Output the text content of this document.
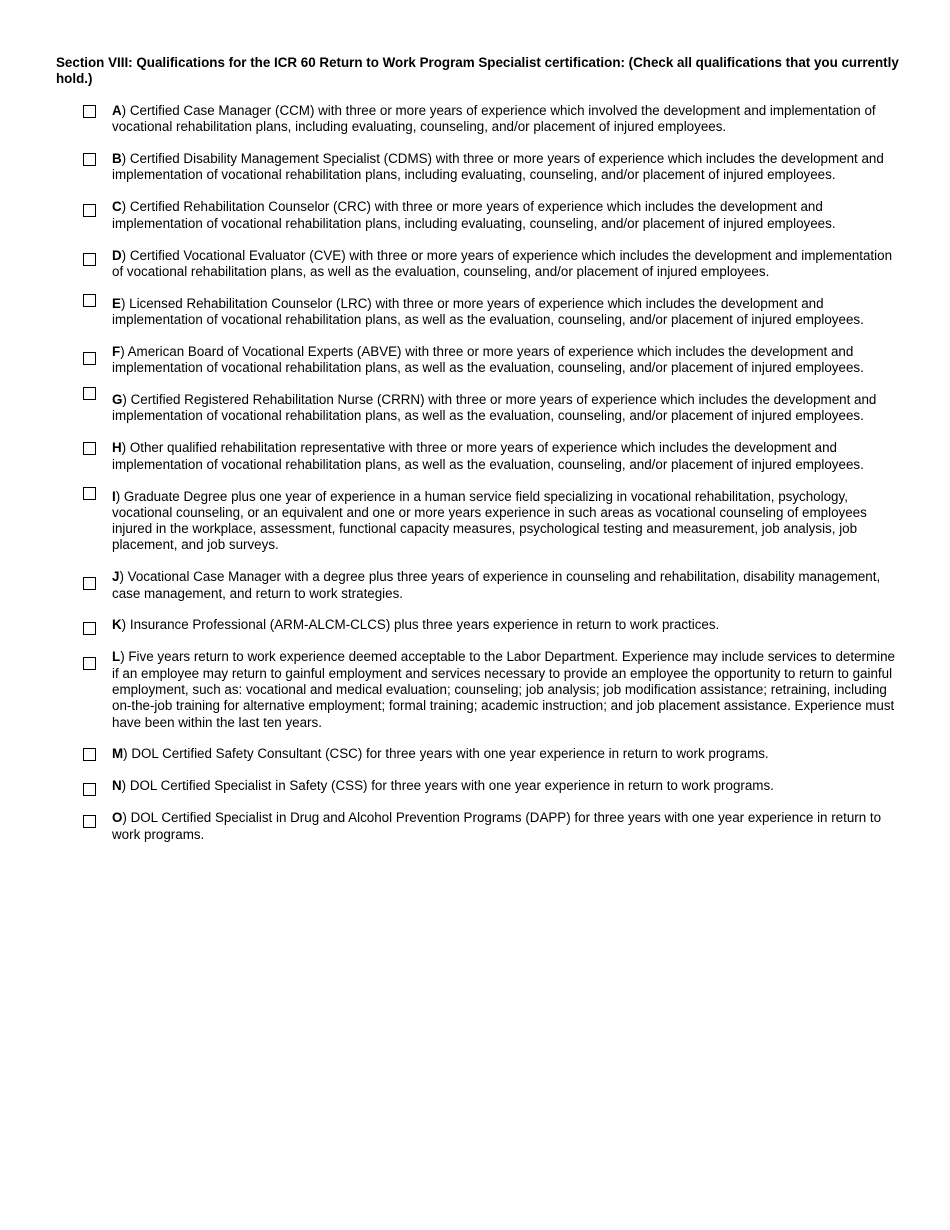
Section VIII: Qualifications for the ICR 60 Return to Work Program Specialist certification: (Check all qualifications that you currently hold.)
A) Certified Case Manager (CCM) with three or more years of experience which involved the development and implementation of vocational rehabilitation plans, including evaluating, counseling, and/or placement of injured employees.
B) Certified Disability Management Specialist (CDMS) with three or more years of experience which includes the development and implementation of vocational rehabilitation plans, including evaluating, counseling, and/or placement of injured employees.
C) Certified Rehabilitation Counselor (CRC) with three or more years of experience which includes the development and implementation of vocational rehabilitation plans, including evaluating, counseling, and/or placement of injured employees.
D) Certified Vocational Evaluator (CVE) with three or more years of experience which includes the development and implementation of vocational rehabilitation plans, as well as the evaluation, counseling, and/or placement of injured employees.
E) Licensed Rehabilitation Counselor (LRC) with three or more years of experience which includes the development and implementation of vocational rehabilitation plans, as well as the evaluation, counseling, and/or placement of injured employees.
F) American Board of Vocational Experts (ABVE) with three or more years of experience which includes the development and implementation of vocational rehabilitation plans, as well as the evaluation, counseling, and/or placement of injured employees.
G) Certified Registered Rehabilitation Nurse (CRRN) with three or more years of experience which includes the development and implementation of vocational rehabilitation plans, as well as the evaluation, counseling, and/or placement of injured employees.
H) Other qualified rehabilitation representative with three or more years of experience which includes the development and implementation of vocational rehabilitation plans, as well as the evaluation, counseling, and/or placement of injured employees.
I) Graduate Degree plus one year of experience in a human service field specializing in vocational rehabilitation, psychology, vocational counseling, or an equivalent and one or more years experience in such areas as vocational counseling of employees injured in the workplace, assessment, functional capacity measures, psychological testing and measurement, job analysis, job placement, and job surveys.
J) Vocational Case Manager with a degree plus three years of experience in counseling and rehabilitation, disability management, case management, and return to work strategies.
K) Insurance Professional (ARM-ALCM-CLCS) plus three years experience in return to work practices.
L) Five years return to work experience deemed acceptable to the Labor Department. Experience may include services to determine if an employee may return to gainful employment and services necessary to provide an employee the opportunity to return to gainful employment, such as: vocational and medical evaluation; counseling; job analysis; job modification assistance; retraining, including on-the-job training for alternative employment; formal training; academic instruction; and job placement assistance. Experience must have been within the last ten years.
M) DOL Certified Safety Consultant (CSC) for three years with one year experience in return to work programs.
N) DOL Certified Specialist in Safety (CSS) for three years with one year experience in return to work programs.
O) DOL Certified Specialist in Drug and Alcohol Prevention Programs (DAPP) for three years with one year experience in return to work programs.
